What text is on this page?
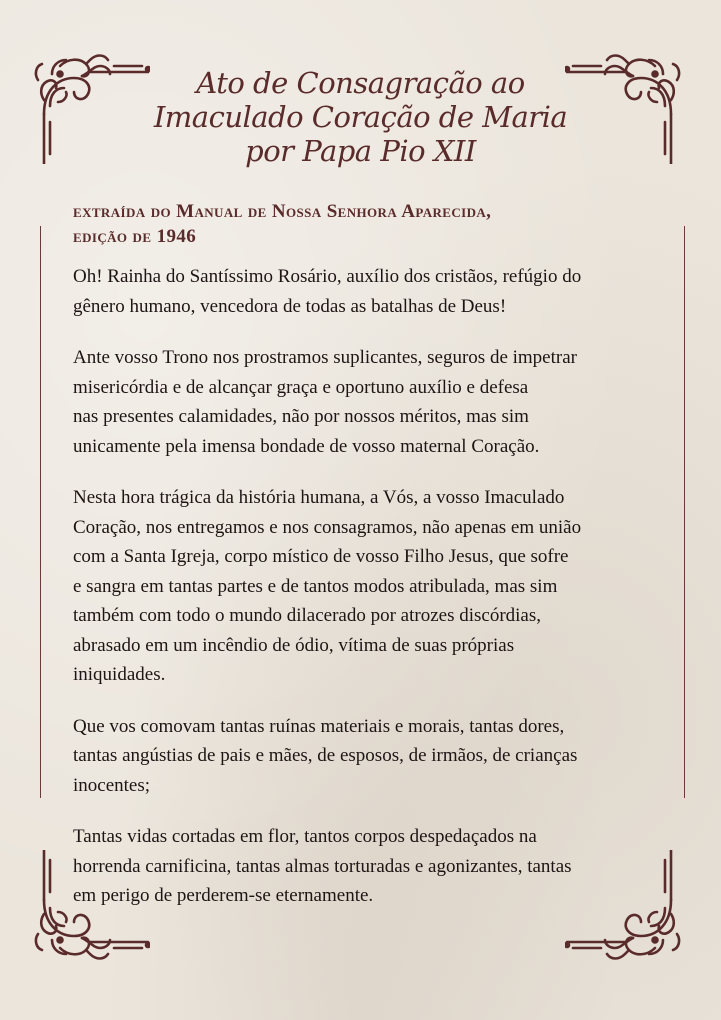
Ato de Consagração ao
Imaculado Coração de Maria
por Papa Pio XII
extraída do Manual de Nossa Senhora Aparecida,
edição de 1946
Oh! Rainha do Santíssimo Rosário, auxílio dos cristãos, refúgio do
gênero humano, vencedora de todas as batalhas de Deus!
Ante vosso Trono nos prostramos suplicantes, seguros de impetrar
misericórdia e de alcançar graça e oportuno auxílio e defesa
nas presentes calamidades, não por nossos méritos, mas sim
unicamente pela imensa bondade de vosso maternal Coração.
Nesta hora trágica da história humana, a Vós, a vosso Imaculado
Coração, nos entregamos e nos consagramos, não apenas em união
com a Santa Igreja, corpo místico de vosso Filho Jesus, que sofre
e sangra em tantas partes e de tantos modos atribulada, mas sim
também com todo o mundo dilacerado por atrozes discórdias,
abrasado em um incêndio de ódio, vítima de suas próprias
iniquidades.
Que vos comovam tantas ruínas materiais e morais, tantas dores,
tantas angústias de pais e mães, de esposos, de irmãos, de crianças
inocentes;
Tantas vidas cortadas em flor, tantos corpos despedaçados na
horrenda carnificina, tantas almas torturadas e agonizantes, tantas
em perigo de perderem-se eternamente.
